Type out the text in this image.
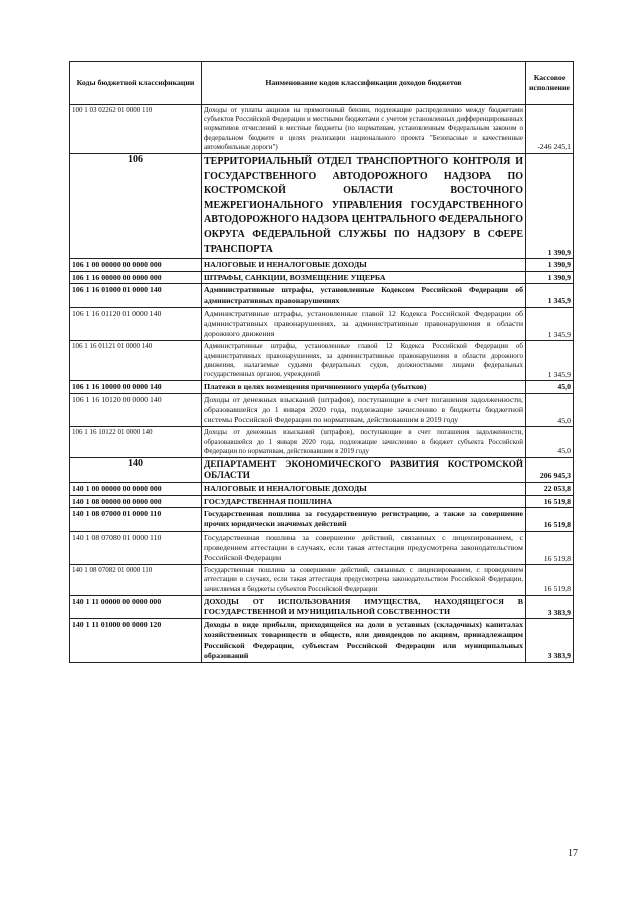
Коды бюджетной классификации	Наименование кодов классификации доходов бюджетов	Кассовое исполнение
100 1 03 02262 01 0000 110	Доходы от уплаты акцизов на прямогонный бензин, подлежащие распределению между бюджетами субъектов Российской Федерации и местными бюджетами с учетом установленных дифференцированных нормативов отчислений в местные бюджеты (по нормативам, установленным Федеральным законом о федеральном бюджете в целях реализации национального проекта "Безопасные и качественные автомобильные дороги")	-246 245,1
106	ТЕРРИТОРИАЛЬНЫЙ ОТДЕЛ ТРАНСПОРТНОГО КОНТРОЛЯ И ГОСУДАРСТВЕННОГО АВТОДОРОЖНОГО НАДЗОРА ПО КОСТРОМСКОЙ ОБЛАСТИ ВОСТОЧНОГО МЕЖРЕГИОНАЛЬНОГО УПРАВЛЕНИЯ ГОСУДАРСТВЕННОГО АВТОДОРОЖНОГО НАДЗОРА ЦЕНТРАЛЬНОГО ФЕДЕРАЛЬНОГО ОКРУГА ФЕДЕРАЛЬНОЙ СЛУЖБЫ ПО НАДЗОРУ В СФЕРЕ ТРАНСПОРТА	1 390,9
106 1 00 00000 00 0000 000	НАЛОГОВЫЕ И НЕНАЛОГОВЫЕ ДОХОДЫ	1 390,9
106 1 16 00000 00 0000 000	ШТРАФЫ, САНКЦИИ, ВОЗМЕЩЕНИЕ УЩЕРБА	1 390,9
106 1 16 01000 01 0000 140	Административные штрафы, установленные Кодексом Российской Федерации об административных правонарушениях	1 345,9
106 1 16 01120 01 0000 140	Административные штрафы, установленные главой 12 Кодекса Российской Федерации об административных правонарушениях, за административные правонарушения в области дорожного движения	1 345,9
106 1 16 01121 01 0000 140	Административные штрафы, установленные главой 12 Кодекса Российской Федерации об административных правонарушениях, за административные правонарушения в области дорожного движения, налагаемые судьями федеральных судов, должностными лицами федеральных государственных органов, учреждений	1 345,9
106 1 16 10000 00 0000 140	Платежи в целях возмещения причиненного ущерба (убытков)	45,0
106 1 16 10120 00 0000 140	Доходы от денежных взысканий (штрафов), поступающие в счет погашения задолженности, образовавшейся до 1 января 2020 года, подлежащие зачислению в бюджеты бюджетной системы Российской Федерации по нормативам, действовавшим в 2019 году	45,0
106 1 16 10122 01 0000 140	Доходы от денежных взысканий (штрафов), поступающие в счет погашения задолженности, образовавшейся до 1 января 2020 года, подлежащие зачислению в бюджет субъекта Российской Федерации по нормативам, действовавшим в 2019 году	45,0
140	ДЕПАРТАМЕНТ ЭКОНОМИЧЕСКОГО РАЗВИТИЯ КОСТРОМСКОЙ ОБЛАСТИ	206 945,3
140 1 00 00000 00 0000 000	НАЛОГОВЫЕ И НЕНАЛОГОВЫЕ ДОХОДЫ	22 053,8
140 1 08 00000 00 0000 000	ГОСУДАРСТВЕННАЯ ПОШЛИНА	16 519,8
140 1 08 07000 01 0000 110	Государственная пошлина за государственную регистрацию, а также за совершение прочих юридически значимых действий	16 519,8
140 1 08 07080 01 0000 110	Государственная пошлина за совершение действий, связанных с лицензированием, с проведением аттестации в случаях, если такая аттестация предусмотрена законодательством Российской Федерации	16 519,8
140 1 08 07082 01 0000 110	Государственная пошлина за совершение действий, связанных с лицензированием, с проведением аттестации в случаях, если такая аттестация предусмотрена законодательством Российской Федерации, зачисляемая в бюджеты субъектов Российской Федерации	16 519,8
140 1 11 00000 00 0000 000	ДОХОДЫ ОТ ИСПОЛЬЗОВАНИЯ ИМУЩЕСТВА, НАХОДЯЩЕГОСЯ В ГОСУДАРСТВЕННОЙ И МУНИЦИПАЛЬНОЙ СОБСТВЕННОСТИ	3 383,9
140 1 11 01000 00 0000 120	Доходы в виде прибыли, приходящейся на доли в уставных (складочных) капиталах хозяйственных товариществ и обществ, или дивидендов по акциям, принадлежащим Российской Федерации, субъектам Российской Федерации или муниципальных образований	3 383,9
17
